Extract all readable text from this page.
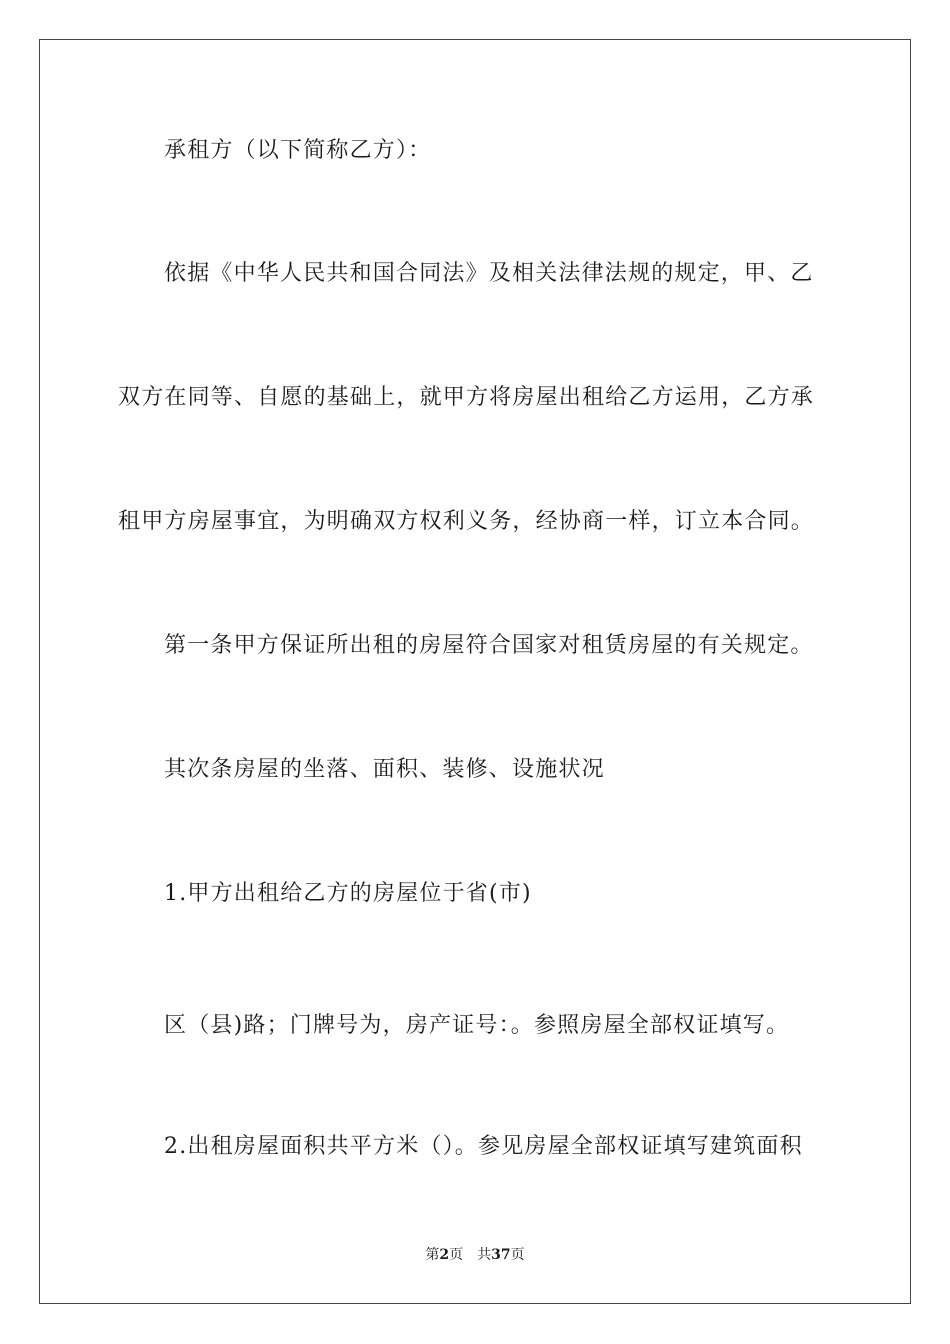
承租方（以下简称乙方）：
依据《中华人民共和国合同法》及相关法律法规的规定，甲、乙
双方在同等、自愿的基础上，就甲方将房屋出租给乙方运用，乙方承
租甲方房屋事宜，为明确双方权利义务，经协商一样，订立本合同。
第一条甲方保证所出租的房屋符合国家对租赁房屋的有关规定。
其次条房屋的坐落、面积、装修、设施状况
1.甲方出租给乙方的房屋位于省(市)
区（县)路；门牌号为，房产证号：。参照房屋全部权证填写。
2.出租房屋面积共平方米（）。参见房屋全部权证填写建筑面积
第2页 共37页
